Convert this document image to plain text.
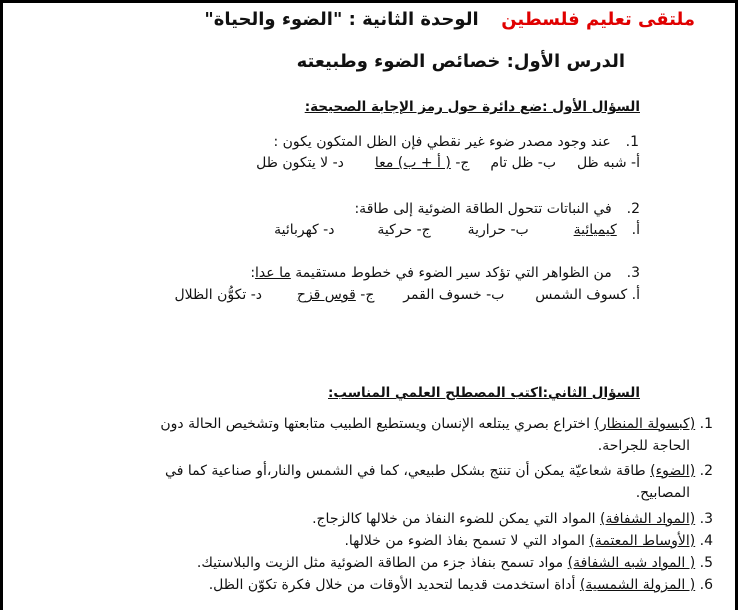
ملتقى تعليم فلسطين  الوحدة الثانية : "الضوء والحياة"
الدرس الأول: خصائص الضوء وطبيعته
السؤال الأول :ضع دائرة حول رمز الإجابة الصحيحة:
1.  عند وجود مصدر ضوء غير نقطي فإن الظل المتكون يكون :
أ- شبه ظل  ب- ظل تام  ج- ( أ + ب) معا  د- لا يتكون ظل
2.  في النباتات تتحول الطاقة الضوئية إلى طاقة:
أ.  كيميائية  ب- حرارية  ج- حركية  د- كهربائية
3.  من الظواهر التي تؤكد سير الضوء في خطوط مستقيمة ما عدا:
أ. كسوف الشمس  ب- خسوف القمر  ج- قوس قزح  د- تكوُّن الظلال
السؤال الثاني:اكتب المصطلح العلمي المناسب:
1. (كبسولة المنظار) اختراع بصري يبتلعه الإنسان ويستطيع الطبيب متابعتها وتشخيص الحالة دون
الحاجة للجراحة.
2. (الضوء) طاقة شعاعيّة يمكن أن تنتج بشكل طبيعي، كما في الشمس والنار،أو صناعية كما في
المصابيح.
3. (المواد الشفافة) المواد التي يمكن للضوء النفاذ من خلالها كالزجاج.
4. (الأوساط المعتمة) المواد التي لا تسمح بفاذ الضوء من خلالها.
5. ( المواد شبه الشفافة) مواد تسمح بنفاذ جزء من الطاقة الضوئية مثل الزيت والبلاستيك.
6. ( المزولة الشمسية) أداة استخدمت قديما لتحديد الأوقات من خلال فكرة تكوّن الظل.
